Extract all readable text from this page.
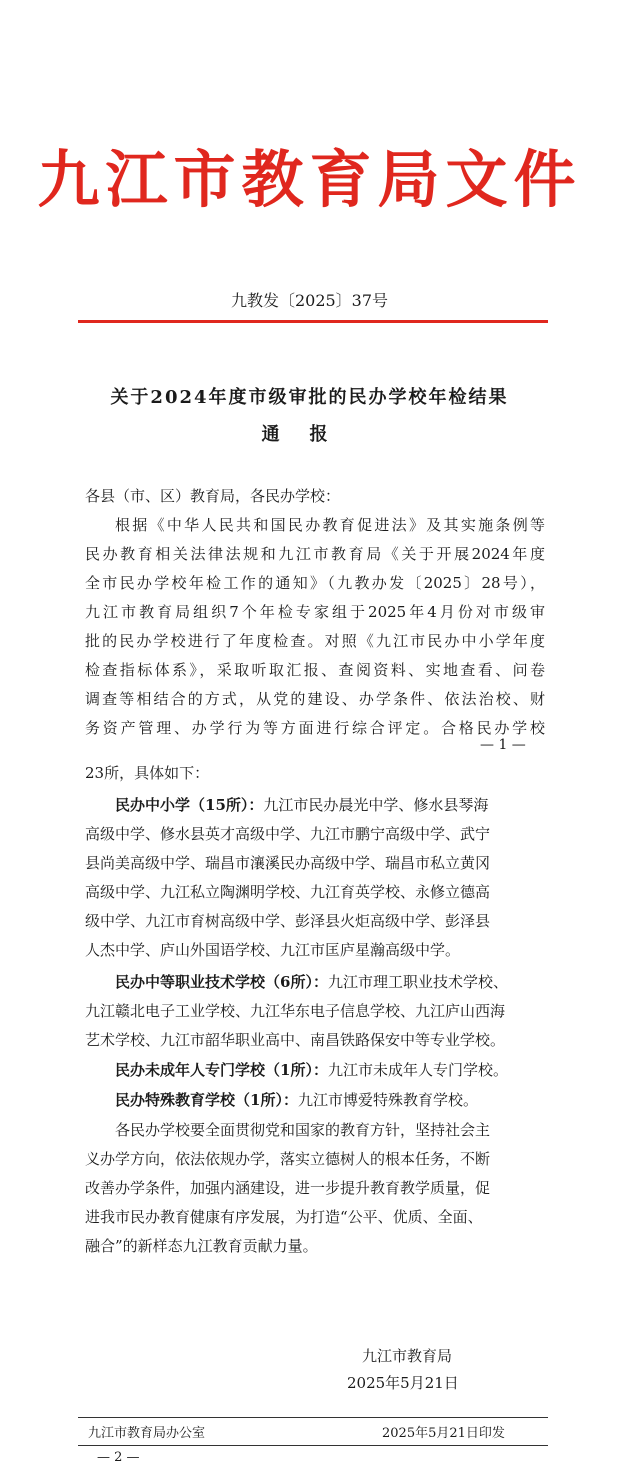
九江市教育局文件
九教发〔2025〕37号
关于2024年度市级审批的民办学校年检结果
通报
各县（市、区）教育局，各民办学校：
根据《中华人民共和国民办教育促进法》及其实施条例等
民办教育相关法律法规和九江市教育局《关于开展2024年度
全市民办学校年检工作的通知》（九教办发〔2025〕28号），
九江市教育局组织7个年检专家组于2025年4月份对市级审
批的民办学校进行了年度检查。对照《九江市民办中小学年度
检查指标体系》，采取听取汇报、查阅资料、实地查看、问卷
调查等相结合的方式，从党的建设、办学条件、依法治校、财
务资产管理、办学行为等方面进行综合评定。合格民办学校
— 1 —
23所，具体如下：
民办中小学（15所）：九江市民办晨光中学、修水县琴海
高级中学、修水县英才高级中学、九江市鹏宁高级中学、武宁
县尚美高级中学、瑞昌市瀼溪民办高级中学、瑞昌市私立黄冈
高级中学、九江私立陶渊明学校、九江育英学校、永修立德高
级中学、九江市育树高级中学、彭泽县火炬高级中学、彭泽县
人杰中学、庐山外国语学校、九江市匡庐星瀚高级中学。
民办中等职业技术学校（6所）：九江市理工职业技术学校、
九江赣北电子工业学校、九江华东电子信息学校、九江庐山西海
艺术学校、九江市韶华职业高中、南昌铁路保安中等专业学校。
民办未成年人专门学校（1所）：九江市未成年人专门学校。
民办特殊教育学校（1所）：九江市博爱特殊教育学校。
各民办学校要全面贯彻党和国家的教育方针，坚持社会主
义办学方向，依法依规办学，落实立德树人的根本任务，不断
改善办学条件，加强内涵建设，进一步提升教育教学质量，促
进我市民办教育健康有序发展，为打造“公平、优质、全面、
融合”的新样态九江教育贡献力量。
九江市教育局
2025年5月21日
九江市教育局办公室	2025年5月21日印发
— 2 —
